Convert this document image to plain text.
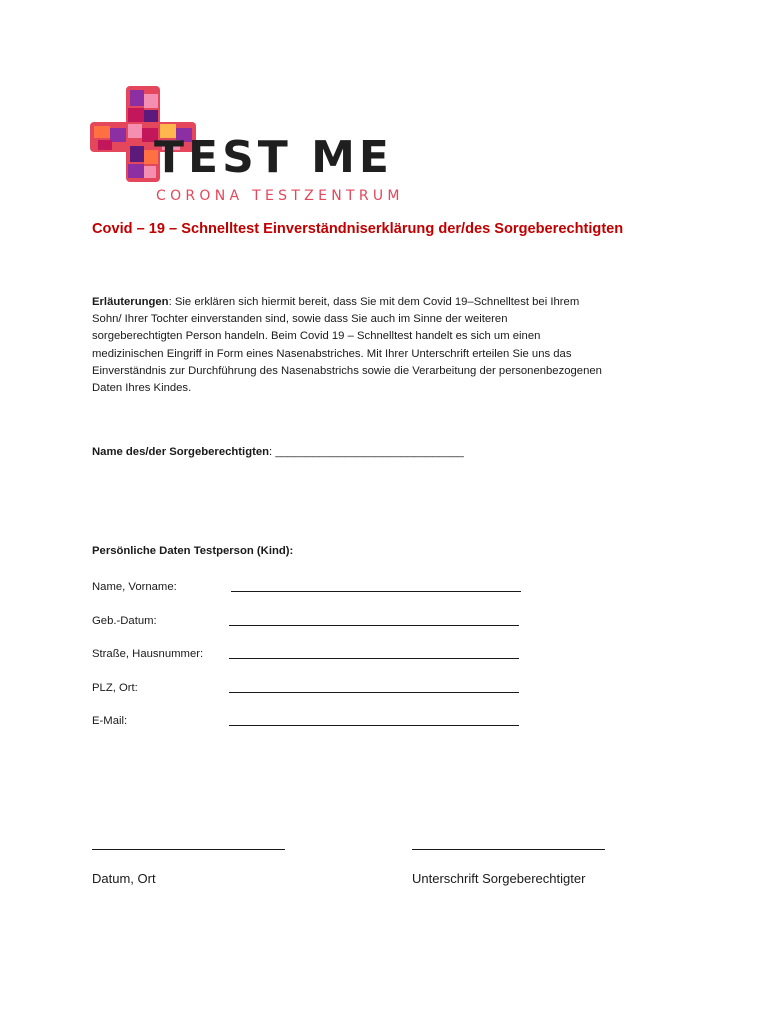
TEST ME
CORONA TESTZENTRUM
Covid – 19 – Schnelltest Einverständniserklärung der/des Sorgeberechtigten
Erläuterungen: Sie erklären sich hiermit bereit, dass Sie mit dem Covid 19–Schnelltest bei Ihrem
Sohn/ Ihrer Tochter einverstanden sind, sowie dass Sie auch im Sinne der weiteren
sorgeberechtigten Person handeln. Beim Covid 19 – Schnelltest handelt es sich um einen
medizinischen Eingriff in Form eines Nasenabstriches. Mit Ihrer Unterschrift erteilen Sie uns das
Einverständnis zur Durchführung des Nasenabstrichs sowie die Verarbeitung der personenbezogenen
Daten Ihres Kindes.
Name des/der Sorgeberechtigten: ______________________________
Persönliche Daten Testperson (Kind):
Name, Vorname:
Geb.-Datum:
Straße, Hausnummer:
PLZ, Ort:
E-Mail:
Datum, Ort	Unterschrift Sorgeberechtigter
